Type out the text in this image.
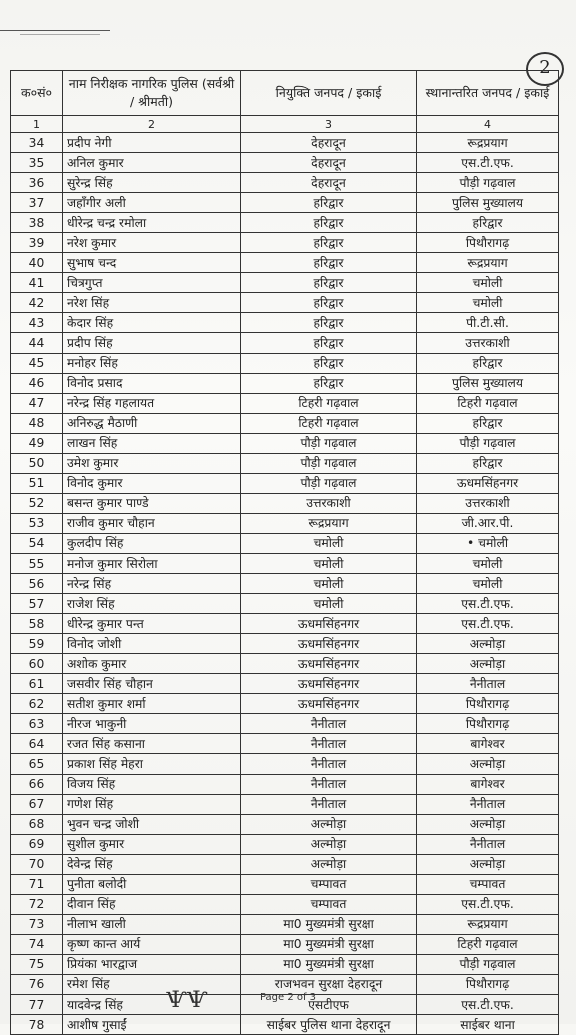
2
क०सं०	नाम निरीक्षक नागरिक पुलिस (सर्वश्री / श्रीमती)	नियुक्ति जनपद / इकाई	स्थानान्तरित जनपद / इकाई
1	2	3	4
34	प्रदीप नेगी	देहरादून	रूद्रप्रयाग
35	अनिल कुमार	देहरादून	एस.टी.एफ.
36	सुरेन्द्र सिंह	देहरादून	पौड़ी गढ़वाल
37	जहाँगीर अली	हरिद्वार	पुलिस मुख्यालय
38	धीरेन्द्र चन्द्र रमोला	हरिद्वार	हरिद्वार
39	नरेश कुमार	हरिद्वार	पिथौरागढ़
40	सुभाष चन्द	हरिद्वार	रूद्रप्रयाग
41	चित्रगुप्त	हरिद्वार	चमोली
42	नरेश सिंह	हरिद्वार	चमोली
43	केदार सिंह	हरिद्वार	पी.टी.सी.
44	प्रदीप सिंह	हरिद्वार	उत्तरकाशी
45	मनोहर सिंह	हरिद्वार	हरिद्वार
46	विनोद प्रसाद	हरिद्वार	पुलिस मुख्यालय
47	नरेन्द्र सिंह गहलायत	टिहरी गढ़वाल	टिहरी गढ़वाल
48	अनिरुद्ध मैठाणी	टिहरी गढ़वाल	हरिद्वार
49	लाखन सिंह	पौड़ी गढ़वाल	पौड़ी गढ़वाल
50	उमेश कुमार	पौड़ी गढ़वाल	हरिद्वार
51	विनोद कुमार	पौड़ी गढ़वाल	ऊधमसिंहनगर
52	बसन्त कुमार पाण्डे	उत्तरकाशी	उत्तरकाशी
53	राजीव कुमार चौहान	रूद्रप्रयाग	जी.आर.पी.
54	कुलदीप सिंह	चमोली	• चमोली
55	मनोज कुमार सिरोला	चमोली	चमोली
56	नरेन्द्र सिंह	चमोली	चमोली
57	राजेश सिंह	चमोली	एस.टी.एफ.
58	धीरेन्द्र कुमार पन्त	ऊधमसिंहनगर	एस.टी.एफ.
59	विनोद जोशी	ऊधमसिंहनगर	अल्मोड़ा
60	अशोक कुमार	ऊधमसिंहनगर	अल्मोड़ा
61	जसवीर सिंह चौहान	ऊधमसिंहनगर	नैनीताल
62	सतीश कुमार शर्मा	ऊधमसिंहनगर	पिथौरागढ़
63	नीरज भाकुनी	नैनीताल	पिथौरागढ़
64	रजत सिंह कसाना	नैनीताल	बागेश्वर
65	प्रकाश सिंह मेहरा	नैनीताल	अल्मोड़ा
66	विजय सिंह	नैनीताल	बागेश्वर
67	गणेश सिंह	नैनीताल	नैनीताल
68	भुवन चन्द्र जोशी	अल्मोड़ा	अल्मोड़ा
69	सुशील कुमार	अल्मोड़ा	नैनीताल
70	देवेन्द्र सिंह	अल्मोड़ा	अल्मोड़ा
71	पुनीता बलोदी	चम्पावत	चम्पावत
72	दीवान सिंह	चम्पावत	एस.टी.एफ.
73	नीलाभ खाली	मा0 मुख्यमंत्री सुरक्षा	रूद्रप्रयाग
74	कृष्ण कान्त आर्य	मा0 मुख्यमंत्री सुरक्षा	टिहरी गढ़वाल
75	प्रियंका भारद्वाज	मा0 मुख्यमंत्री सुरक्षा	पौड़ी गढ़वाल
76	रमेश सिंह	राजभवन सुरक्षा देहरादून	पिथौरागढ़
77	यादवेन्द्र सिंह	एसटीएफ	एस.टी.एफ.
78	आशीष गुसाईं	साईबर पुलिस थाना देहरादून	साईबर थाना
ѰѰ	Page 2 of 3
